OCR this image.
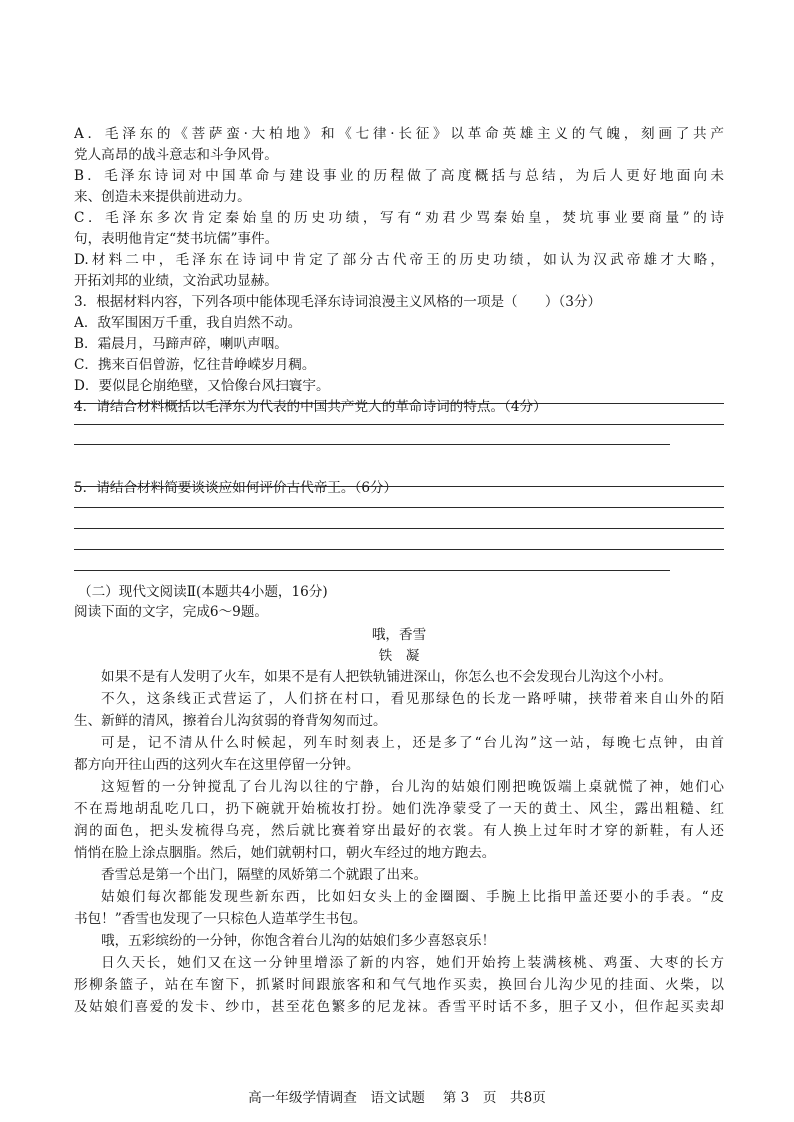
A．毛泽东的《菩萨蛮·大柏地》和《七律·长征》以革命英雄主义的气魄，刻画了共产
党人高昂的战斗意志和斗争风骨。
B．毛泽东诗词对中国革命与建设事业的历程做了高度概括与总结，为后人更好地面向未
来、创造未来提供前进动力。
C．毛泽东多次肯定秦始皇的历史功绩，写有“劝君少骂秦始皇，焚坑事业要商量”的诗
句，表明他肯定“焚书坑儒”事件。
D.材料二中，毛泽东在诗词中肯定了部分古代帝王的历史功绩，如认为汉武帝雄才大略，
开拓刘邦的业绩，文治武功显赫。
3．根据材料内容，下列各项中能体现毛泽东诗词浪漫主义风格的一项是（　　）（3分）
A．敌军围困万千重，我自岿然不动。
B．霜晨月，马蹄声碎，喇叭声咽。
C．携来百侣曾游，忆往昔峥嵘岁月稠。
D．要似昆仑崩绝壁，又恰像台风扫寰宇。
4．请结合材料概括以毛泽东为代表的中国共产党人的革命诗词的特点。（4分）
5．请结合材料简要谈谈应如何评价古代帝王。（6分）
（二）现代文阅读Ⅱ(本题共4小题，16分)
阅读下面的文字，完成6～9题。
哦，香雪
铁　凝
如果不是有人发明了火车，如果不是有人把铁轨铺进深山，你怎么也不会发现台儿沟这个小村。
不久，这条线正式营运了，人们挤在村口，看见那绿色的长龙一路呼啸，挟带着来自山外的陌
生、新鲜的清风，擦着台儿沟贫弱的脊背匆匆而过。
可是，记不清从什么时候起，列车时刻表上，还是多了“台儿沟”这一站，每晚七点钟，由首
都方向开往山西的这列火车在这里停留一分钟。
这短暂的一分钟搅乱了台儿沟以往的宁静，台儿沟的姑娘们刚把晚饭端上桌就慌了神，她们心
不在焉地胡乱吃几口，扔下碗就开始梳妆打扮。她们洗净蒙受了一天的黄土、风尘，露出粗糙、红
润的面色，把头发梳得乌亮，然后就比赛着穿出最好的衣裳。有人换上过年时才穿的新鞋，有人还
悄悄在脸上涂点胭脂。然后，她们就朝村口，朝火车经过的地方跑去。
香雪总是第一个出门，隔壁的凤娇第二个就跟了出来。
姑娘们每次都能发现些新东西，比如妇女头上的金圈圈、手腕上比指甲盖还要小的手表。“皮
书包！”香雪也发现了一只棕色人造革学生书包。
哦，五彩缤纷的一分钟，你饱含着台儿沟的姑娘们多少喜怒哀乐！
日久天长，她们又在这一分钟里增添了新的内容，她们开始挎上装满核桃、鸡蛋、大枣的长方
形柳条篮子，站在车窗下，抓紧时间跟旅客和和气气地作买卖，换回台儿沟少见的挂面、火柴，以
及姑娘们喜爱的发卡、纱巾，甚至花色繁多的尼龙袜。香雪平时话不多，胆子又小，但作起买卖却
高一年级学情调查　语文试题　 第 3　页　共8页
